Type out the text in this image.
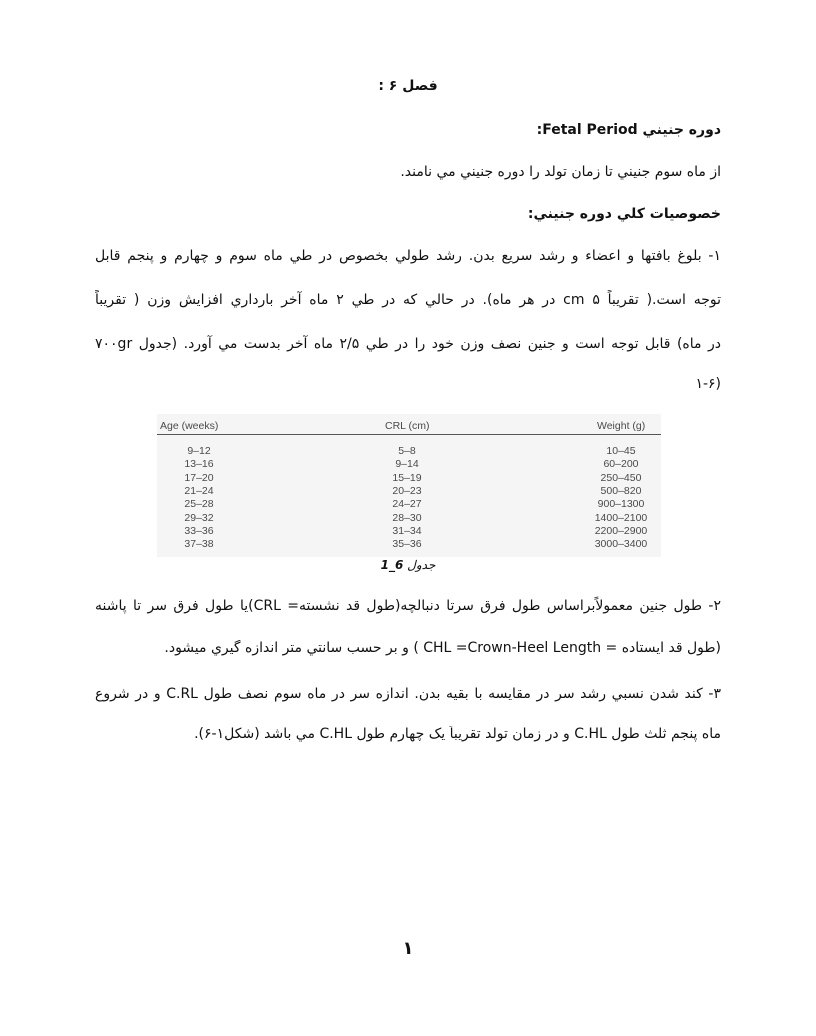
فصل ۶ :
دوره جنيني Fetal Period:
از ماه سوم جنيني تا زمان تولد را دوره جنيني مي نامند.
خصوصيات كلي دوره جنيني:
۱- بلوغ بافتها و اعضاء و رشد سريع بدن. رشد طولي بخصوص در طي ماه سوم و چهارم و پنجم قابل
توجه است.( تقريباً ۵ cm در هر ماه). در حالي كه در طي ۲ ماه آخر بارداري افزايش وزن ( تقريباً
۷۰۰gr در ماه) قابل توجه است و جنين نصف وزن خود را در طي ۲/۵ ماه آخر بدست مي آورد. (جدول
۱-۶)
Age (weeks)	CRL (cm)	Weight (g)
9–12	5–8	10–45
13–16	9–14	60–200
17–20	15–19	250–450
21–24	20–23	500–820
25–28	24–27	900–1300
29–32	28–30	1400–2100
33–36	31–34	2200–2900
37–38	35–36	3000–3400
جدول 6_1
۲- طول جنين معمولاًبراساس طول فرق سرتا دنبالچه(طول قد نشسته= CRL)يا طول فرق سر تا پاشنه
(طول قد ايستاده = CHL =Crown-Heel Length ) و بر حسب سانتي متر اندازه گيري ميشود.
۳- كند شدن نسبي رشد سر در مقايسه با بقيه بدن. اندازه سر در ماه سوم نصف طول C.RL و در شروع
ماه پنجم ثلث طول C.HL و در زمان تولد تقريباً يک چهارم طول C.HL مي باشد (شكل۱-۶).
۱
